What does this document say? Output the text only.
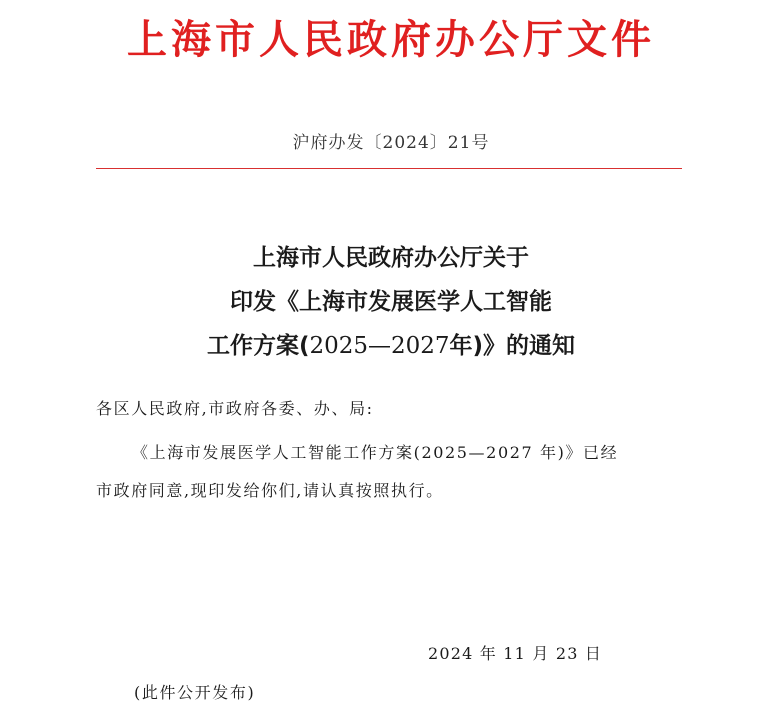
上海市人民政府办公厅文件
沪府办发〔2024〕21号
上海市人民政府办公厅关于
印发《上海市发展医学人工智能
工作方案(2025—2027年)》的通知
各区人民政府,市政府各委、办、局:
《上海市发展医学人工智能工作方案(2025—2027 年)》已经
市政府同意,现印发给你们,请认真按照执行。
2024 年 11 月 23 日
(此件公开发布)
